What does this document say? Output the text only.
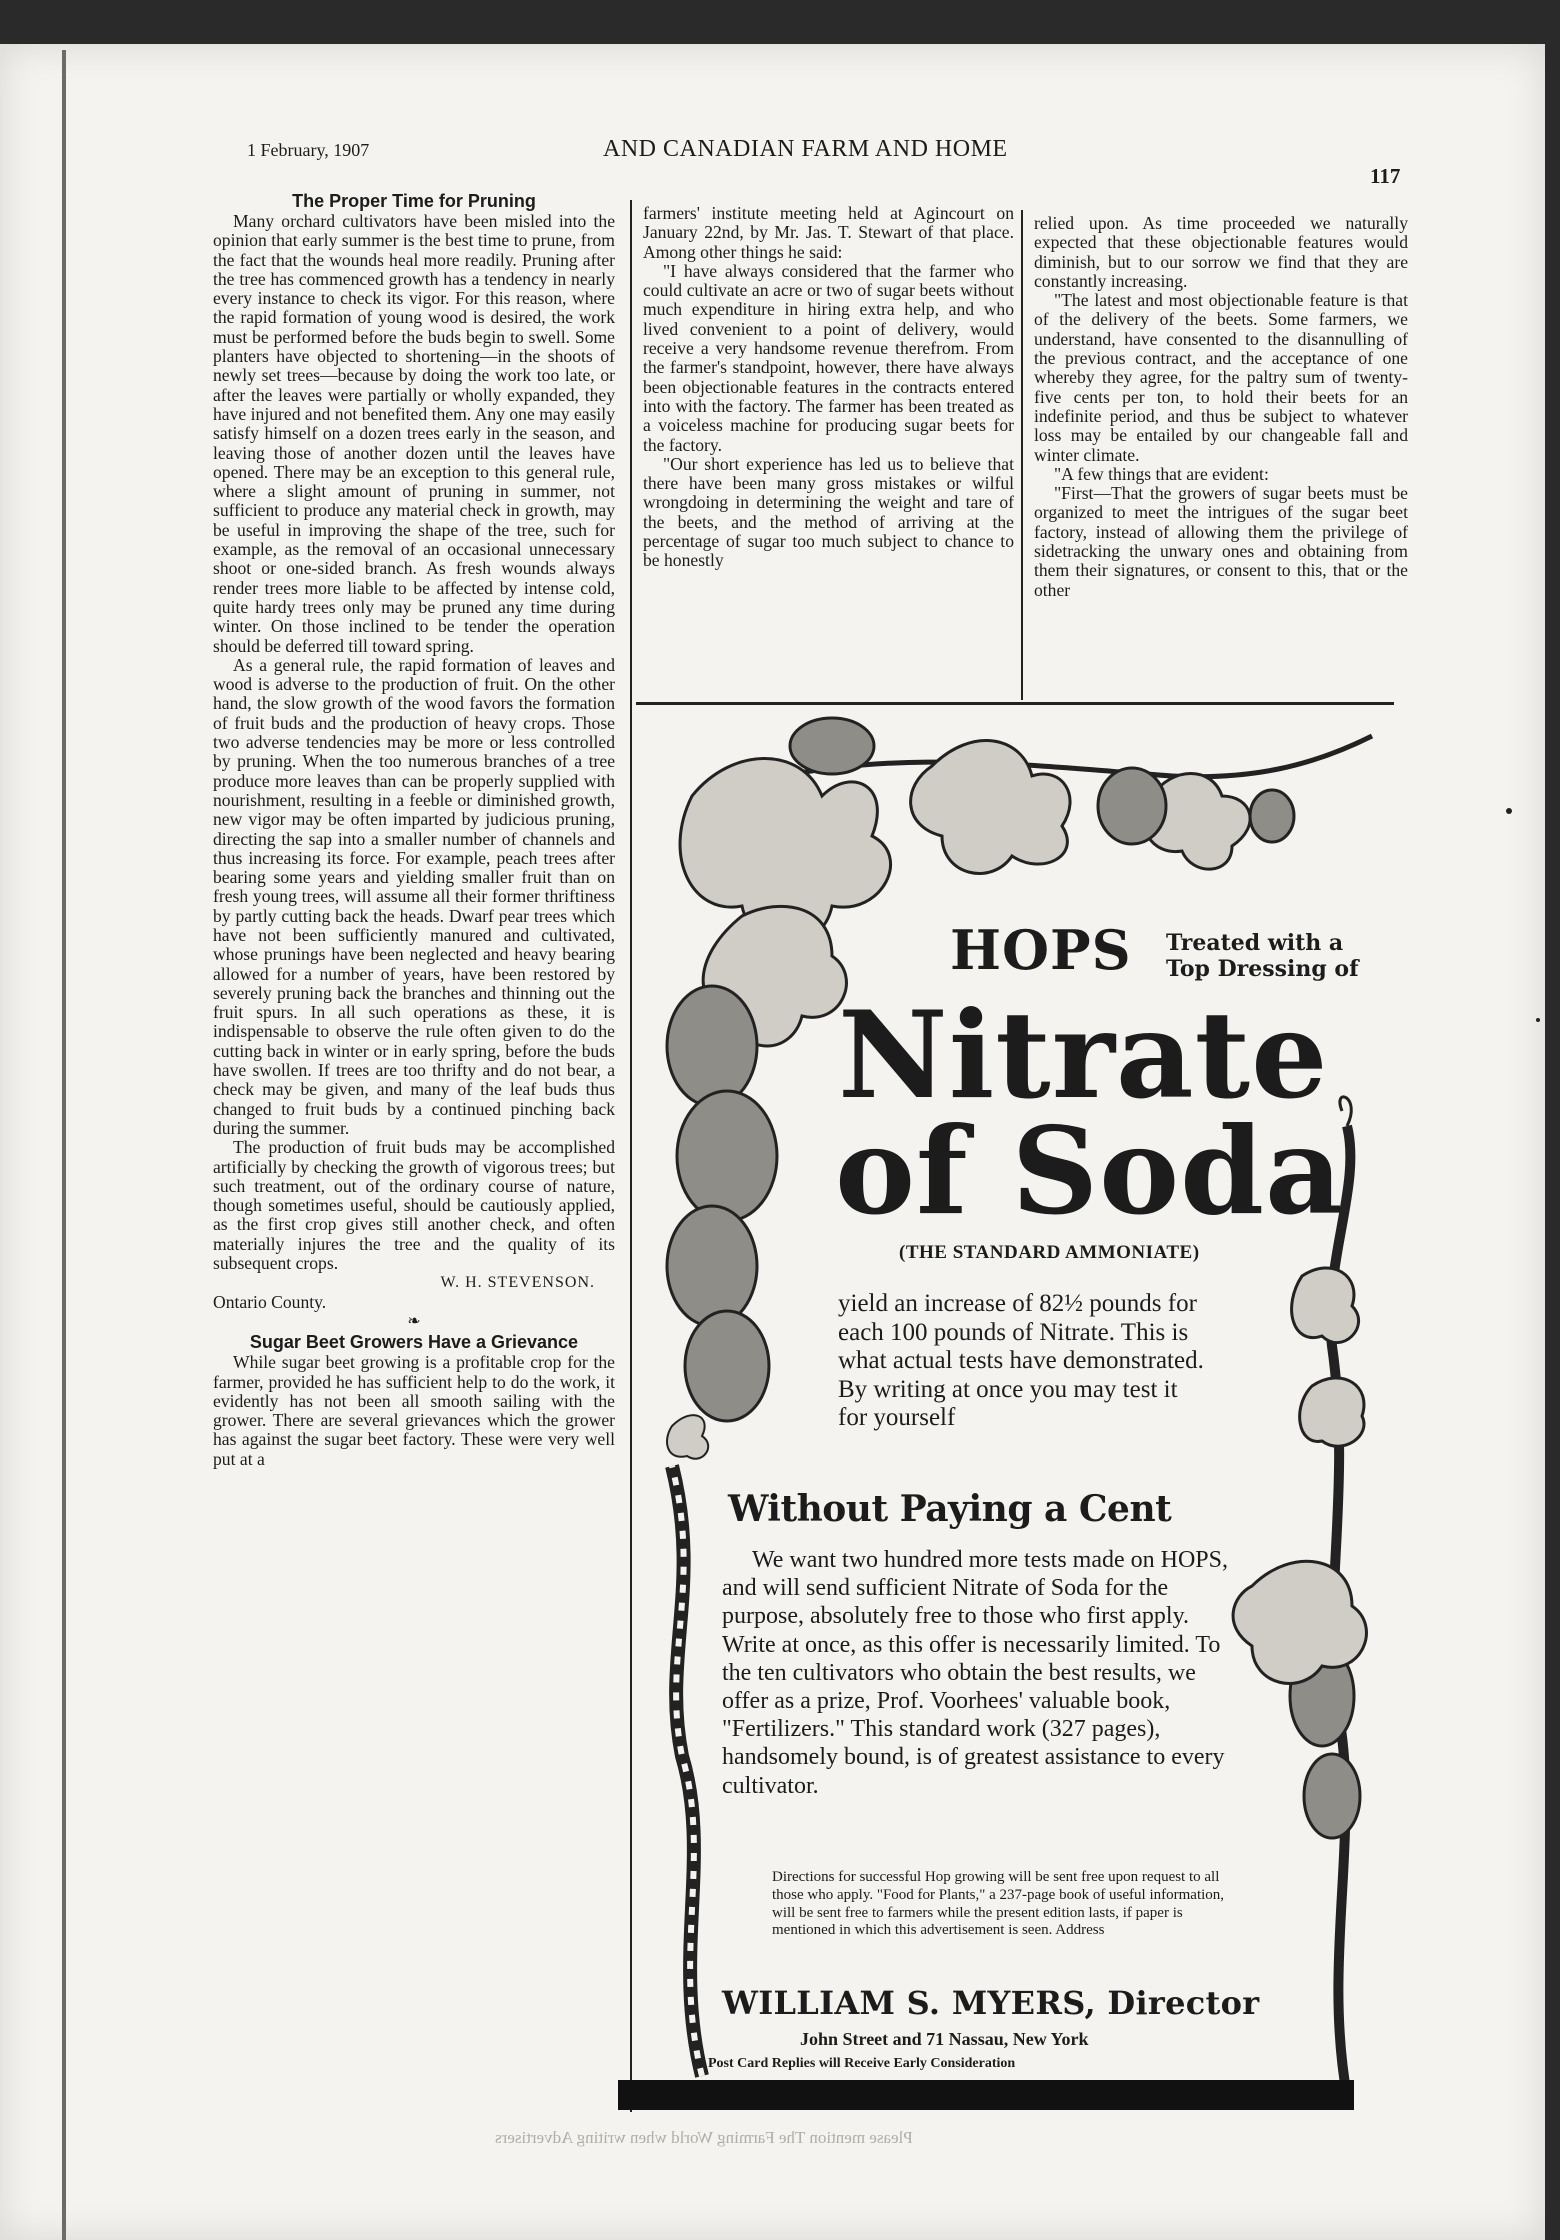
1 February, 1907	AND CANADIAN FARM AND HOME
117
The Proper Time for Pruning

Many orchard cultivators have been misled into the opinion that early summer is the best time to prune, from the fact that the wounds heal more readily. Pruning after the tree has commenced growth has a tendency in nearly every instance to check its vigor. For this reason, where the rapid formation of young wood is desired, the work must be performed before the buds begin to swell. Some planters have objected to shortening—in the shoots of newly set trees—because by doing the work too late, or after the leaves were partially or wholly expanded, they have injured and not benefited them. Any one may easily satisfy himself on a dozen trees early in the season, and leaving those of another dozen until the leaves have opened. There may be an exception to this general rule, where a slight amount of pruning in summer, not sufficient to produce any material check in growth, may be useful in improving the shape of the tree, such for example, as the removal of an occasional unnecessary shoot or one-sided branch. As fresh wounds always render trees more liable to be affected by intense cold, quite hardy trees only may be pruned any time during winter. On those inclined to be tender the operation should be deferred till toward spring.

As a general rule, the rapid formation of leaves and wood is adverse to the production of fruit. On the other hand, the slow growth of the wood favors the formation of fruit buds and the production of heavy crops. Those two adverse tendencies may be more or less controlled by pruning. When the too numerous branches of a tree produce more leaves than can be properly supplied with nourishment, resulting in a feeble or diminished growth, new vigor may be often imparted by judicious pruning, directing the sap into a smaller number of channels and thus increasing its force. For example, peach trees after bearing some years and yielding smaller fruit than on fresh young trees, will assume all their former thriftiness by partly cutting back the heads. Dwarf pear trees which have not been sufficiently manured and cultivated, whose prunings have been neglected and heavy bearing allowed for a number of years, have been restored by severely pruning back the branches and thinning out the fruit spurs. In all such operations as these, it is indispensable to observe the rule often given to do the cutting back in winter or in early spring, before the buds have swollen. If trees are too thrifty and do not bear, a check may be given, and many of the leaf buds thus changed to fruit buds by a continued pinching back during the summer.

The production of fruit buds may be accomplished artificially by checking the growth of vigorous trees; but such treatment, out of the ordinary course of nature, though sometimes useful, should be cautiously applied, as the first crop gives still another check, and often materially injures the tree and the quality of its subsequent crops.

W. H. STEVENSON.

Ontario County.

❧

Sugar Beet Growers Have a Grievance

While sugar beet growing is a profitable crop for the farmer, provided he has sufficient help to do the work, it evidently has not been all smooth sailing with the grower. There are several grievances which the grower has against the sugar beet factory. These were very well put at a

farmers' institute meeting held at Agincourt on January 22nd, by Mr. Jas. T. Stewart of that place. Among other things he said:

"I have always considered that the farmer who could cultivate an acre or two of sugar beets without much expenditure in hiring extra help, and who lived convenient to a point of delivery, would receive a very handsome revenue therefrom. From the farmer's standpoint, however, there have always been objectionable features in the contracts entered into with the factory. The farmer has been treated as a voiceless machine for producing sugar beets for the factory.

"Our short experience has led us to believe that there have been many gross mistakes or wilful wrongdoing in determining the weight and tare of the beets, and the method of arriving at the percentage of sugar too much subject to chance to be honestly

relied upon. As time proceeded we naturally expected that these objectionable features would diminish, but to our sorrow we find that they are constantly increasing.

"The latest and most objectionable feature is that of the delivery of the beets. Some farmers, we understand, have consented to the disannulling of the previous contract, and the acceptance of one whereby they agree, for the paltry sum of twenty-five cents per ton, to hold their beets for an indefinite period, and thus be subject to whatever loss may be entailed by our changeable fall and winter climate.

"A few things that are evident:

"First—That the growers of sugar beets must be organized to meet the intrigues of the sugar beet factory, instead of allowing them the privilege of sidetracking the unwary ones and obtaining from them their signatures, or consent to this, that or the other

HOPS Treated with a
Top Dressing of
Nitrate
of Soda
(THE STANDARD AMMONIATE)
yield an increase of 82½ pounds for each 100 pounds of Nitrate. This is what actual tests have demonstrated. By writing at once you may test it for yourself
Without Paying a Cent
We want two hundred more tests made on HOPS, and will send sufficient Nitrate of Soda for the purpose, absolutely free to those who first apply. Write at once, as this offer is necessarily limited. To the ten cultivators who obtain the best results, we offer as a prize, Prof. Voorhees' valuable book, "Fertilizers." This standard work (327 pages), handsomely bound, is of greatest assistance to every cultivator.
Directions for successful Hop growing will be sent free upon request to all those who apply. "Food for Plants," a 237-page book of useful information, will be sent free to farmers while the present edition lasts, if paper is mentioned in which this advertisement is seen. Address
WILLIAM S. MYERS, Director
John Street and 71 Nassau, New York
Post Card Replies will Receive Early Consideration
Please mention The Farming World when writing Advertisers
